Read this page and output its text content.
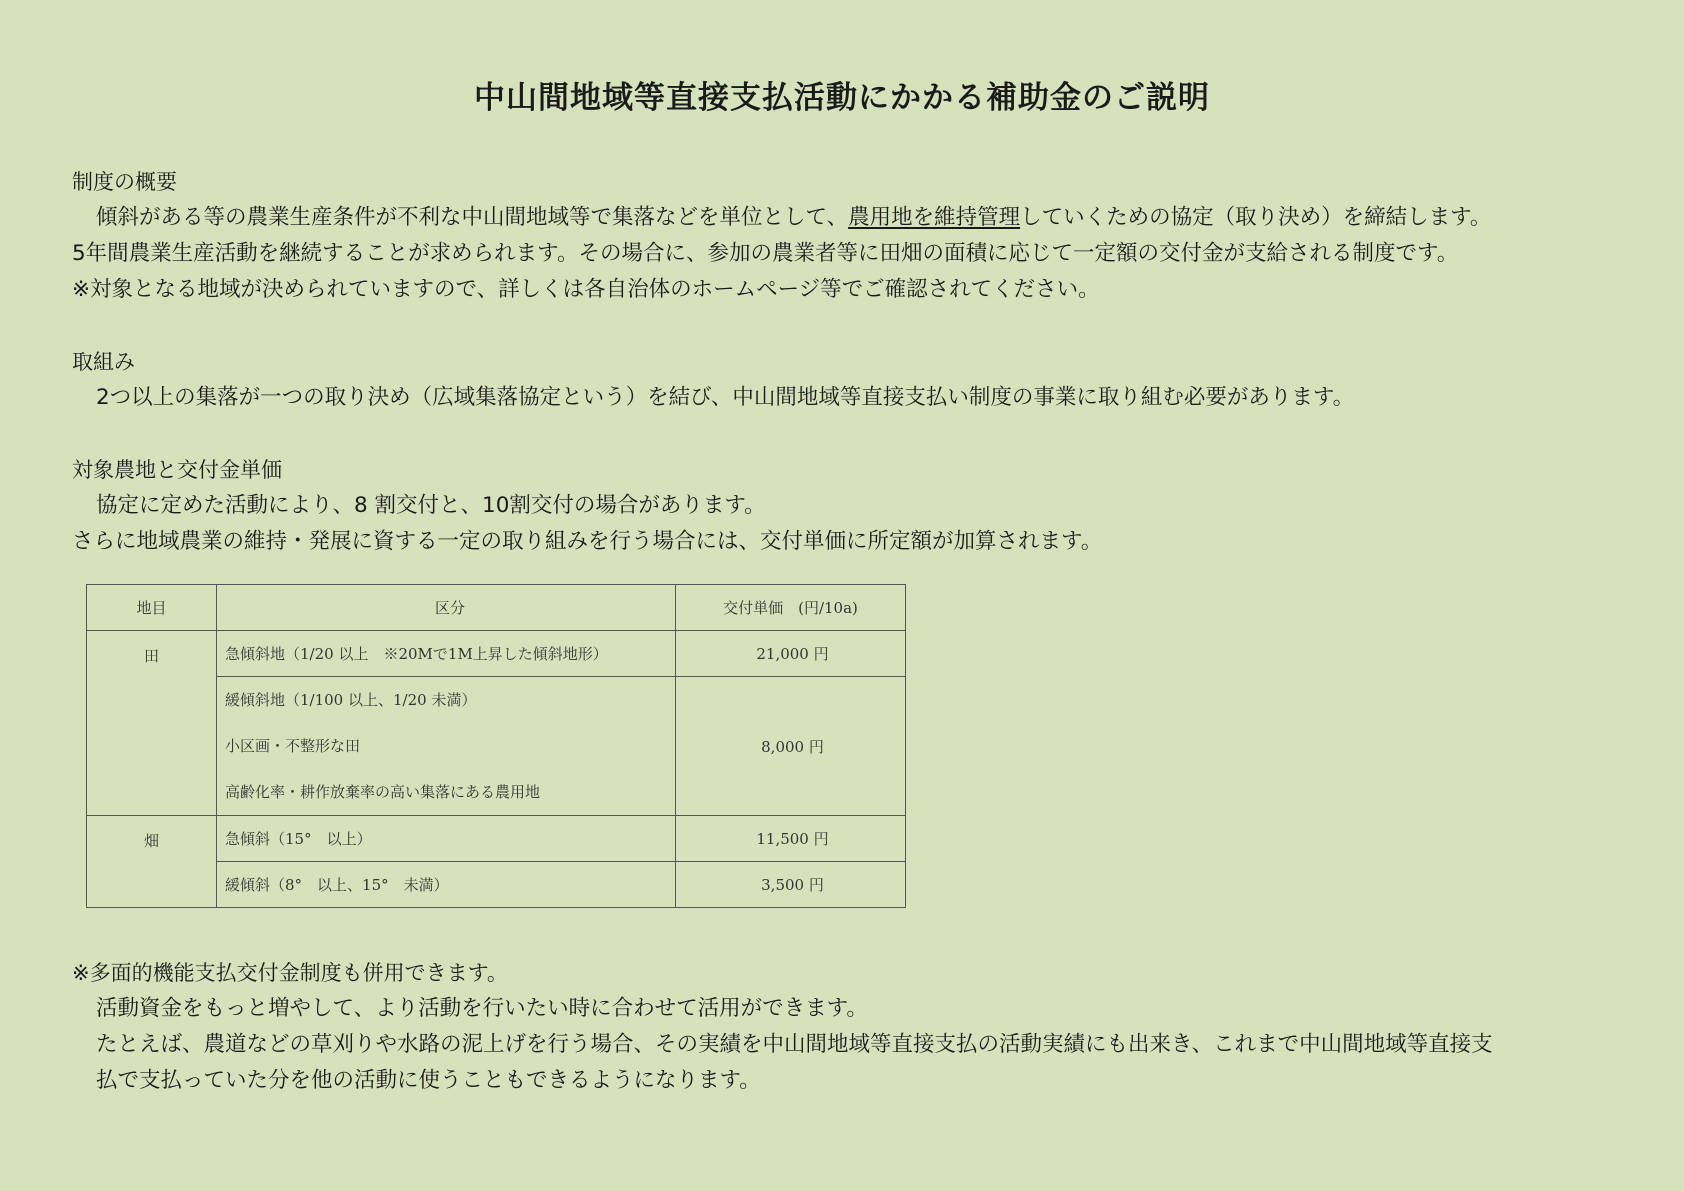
中山間地域等直接支払活動にかかる補助金のご説明
制度の概要
傾斜がある等の農業生産条件が不利な中山間地域等で集落などを単位として、農用地を維持管理していくための協定（取り決め）を締結します。
5年間農業生産活動を継続することが求められます。その場合に、参加の農業者等に田畑の面積に応じて一定額の交付金が支給される制度です。
※対象となる地域が決められていますので、詳しくは各自治体のホームページ等でご確認されてください。
取組み
2つ以上の集落が一つの取り決め（広域集落協定という）を結び、中山間地域等直接支払い制度の事業に取り組む必要があります。
対象農地と交付金単価
協定に定めた活動により、8 割交付と、10割交付の場合があります。
さらに地域農業の維持・発展に資する一定の取り組みを行う場合には、交付単価に所定額が加算されます。
地目	区分	交付単価　(円/10a)
田	急傾斜地（1/20 以上　※20Mで1M上昇した傾斜地形）	21,000 円

	緩傾斜地（1/100 以上、1/20 未満）
小区画・不整形な田
高齢化率・耕作放棄率の高い集落にある農用地	8,000 円
畑	急傾斜（15°　以上）	11,500 円
	緩傾斜（8°　以上、15°　未満）	3,500 円
※多面的機能支払交付金制度も併用できます。
活動資金をもっと増やして、より活動を行いたい時に合わせて活用ができます。
たとえば、農道などの草刈りや水路の泥上げを行う場合、その実績を中山間地域等直接支払の活動実績にも出来き、これまで中山間地域等直接支
払で支払っていた分を他の活動に使うこともできるようになります。
